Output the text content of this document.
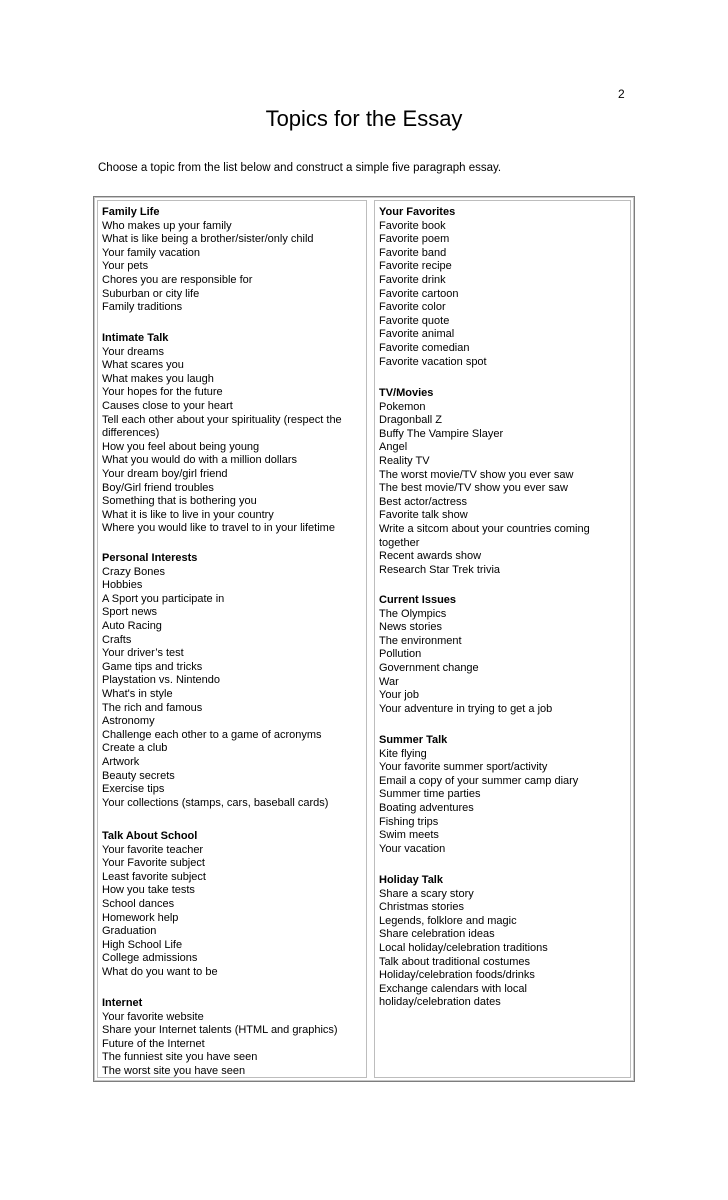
2
Topics for the Essay
Choose a topic from the list below and construct a simple five paragraph essay.
Family Life
Who makes up your family
What is like being a brother/sister/only child
Your family vacation
Your pets
Chores you are responsible for
Suburban or city life
Family traditions
Intimate Talk
Your dreams
What scares you
What makes you laugh
Your hopes for the future
Causes close to your heart
Tell each other about your spirituality (respect the differences)
How you feel about being young
What you would do with a million dollars
Your dream boy/girl friend
Boy/Girl friend troubles
Something that is bothering you
What it is like to live in your country
Where you would like to travel to in your lifetime
Personal Interests
Crazy Bones
Hobbies
A Sport you participate in
Sport news
Auto Racing
Crafts
Your driver’s test
Game tips and tricks
Playstation vs. Nintendo
What's in style
The rich and famous
Astronomy
Challenge each other to a game of acronyms
Create a club
Artwork
Beauty secrets
Exercise tips
Your collections (stamps, cars, baseball cards)
Talk About School
Your favorite teacher
Your Favorite subject
Least favorite subject
How you take tests
School dances
Homework help
Graduation
High School Life
College admissions
What do you want to be
Internet
Your favorite website
Share your Internet talents (HTML and graphics)
Future of the Internet
The funniest site you have seen
The worst site you have seen
Your Favorites
Favorite book
Favorite poem
Favorite band
Favorite recipe
Favorite drink
Favorite cartoon
Favorite color
Favorite quote
Favorite animal
Favorite comedian
Favorite vacation spot
TV/Movies
Pokemon
Dragonball Z
Buffy The Vampire Slayer
Angel
Reality TV
The worst movie/TV show you ever saw
The best movie/TV show you ever saw
Best actor/actress
Favorite talk show
Write a sitcom about your countries coming together
Recent awards show
Research Star Trek trivia
Current Issues
The Olympics
News stories
The environment
Pollution
Government change
War
Your job
Your adventure in trying to get a job
Summer Talk
Kite flying
Your favorite summer sport/activity
Email a copy of your summer camp diary
Summer time parties
Boating adventures
Fishing trips
Swim meets
Your vacation
Holiday Talk
Share a scary story
Christmas stories
Legends, folklore and magic
Share celebration ideas
Local holiday/celebration traditions
Talk about traditional costumes
Holiday/celebration foods/drinks
Exchange calendars with local holiday/celebration dates
